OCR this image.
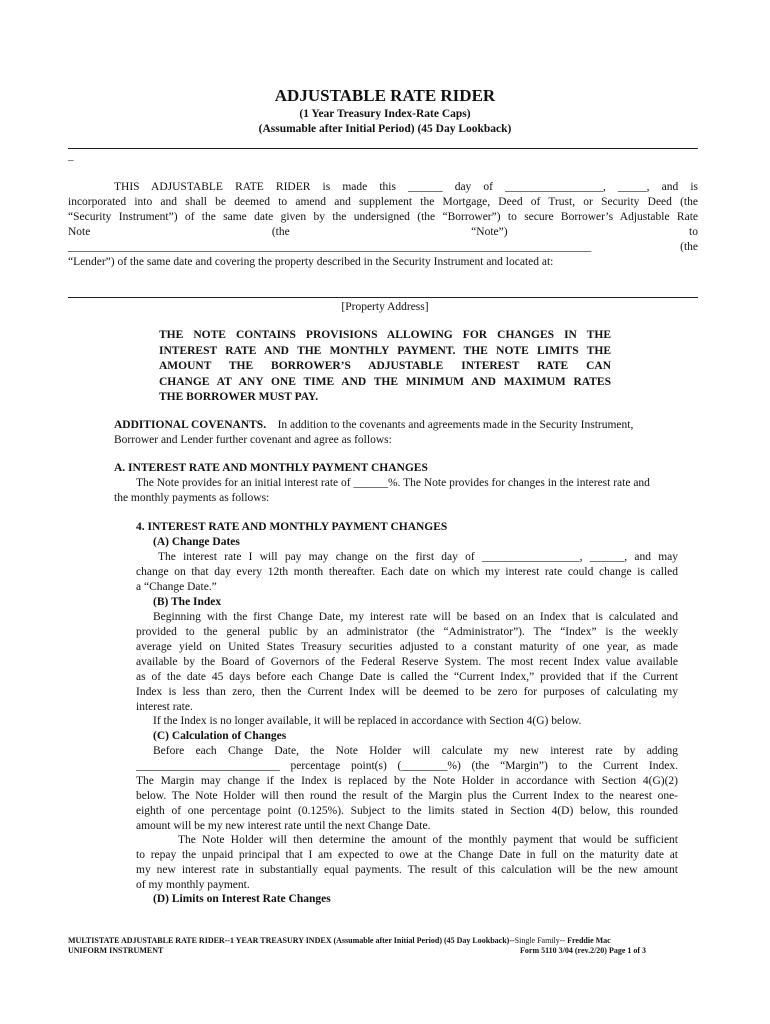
ADJUSTABLE RATE RIDER
(1 Year Treasury Index-Rate Caps)
(Assumable after Initial Period) (45 Day Lookback)
_
THIS ADJUSTABLE RATE RIDER is made this ______ day of _________________, _____, and is
incorporated into and shall be deemed to amend and supplement the Mortgage, Deed of Trust, or Security Deed (the
“Security Instrument”) of the same date given by the undersigned (the “Borrower”) to secure Borrower’s Adjustable Rate
Note (the “Note”) to
___________________________________________________________________________________________ (the
“Lender”) of the same date and covering the property described in the Security Instrument and located at:
[Property Address]
THE NOTE CONTAINS PROVISIONS ALLOWING FOR CHANGES IN THE
INTEREST RATE AND THE MONTHLY PAYMENT. THE NOTE LIMITS THE
AMOUNT THE BORROWER’S ADJUSTABLE INTEREST RATE CAN
CHANGE AT ANY ONE TIME AND THE MINIMUM AND MAXIMUM RATES
THE BORROWER MUST PAY.
ADDITIONAL COVENANTS. In addition to the covenants and agreements made in the Security Instrument,
Borrower and Lender further covenant and agree as follows:
A. INTEREST RATE AND MONTHLY PAYMENT CHANGES
The Note provides for an initial interest rate of ______%. The Note provides for changes in the interest rate and
the monthly payments as follows:
4. INTEREST RATE AND MONTHLY PAYMENT CHANGES
(A) Change Dates
The interest rate I will pay may change on the first day of _________________, ______, and may
change on that day every 12th month thereafter. Each date on which my interest rate could change is called
a “Change Date.”
(B) The Index
Beginning with the first Change Date, my interest rate will be based on an Index that is calculated and
provided to the general public by an administrator (the “Administrator”). The “Index” is the weekly
average yield on United States Treasury securities adjusted to a constant maturity of one year, as made
available by the Board of Governors of the Federal Reserve System. The most recent Index value available
as of the date 45 days before each Change Date is called the “Current Index,” provided that if the Current
Index is less than zero, then the Current Index will be deemed to be zero for purposes of calculating my
interest rate.
If the Index is no longer available, it will be replaced in accordance with Section 4(G) below.
(C) Calculation of Changes
Before each Change Date, the Note Holder will calculate my new interest rate by adding
_________________________ percentage point(s) (________%) (the “Margin”) to the Current Index.
The Margin may change if the Index is replaced by the Note Holder in accordance with Section 4(G)(2)
below. The Note Holder will then round the result of the Margin plus the Current Index to the nearest one-
eighth of one percentage point (0.125%). Subject to the limits stated in Section 4(D) below, this rounded
amount will be my new interest rate until the next Change Date.
The Note Holder will then determine the amount of the monthly payment that would be sufficient
to repay the unpaid principal that I am expected to owe at the Change Date in full on the maturity date at
my new interest rate in substantially equal payments. The result of this calculation will be the new amount
of my monthly payment.
(D) Limits on Interest Rate Changes
MULTISTATE ADJUSTABLE RATE RIDER--1 YEAR TREASURY INDEX (Assumable after Initial Period) (45 Day Lookback)--Single Family-- Freddie Mac
UNIFORM INSTRUMENT	Form 5110 3/04 (rev.2/20) Page 1 of 3
